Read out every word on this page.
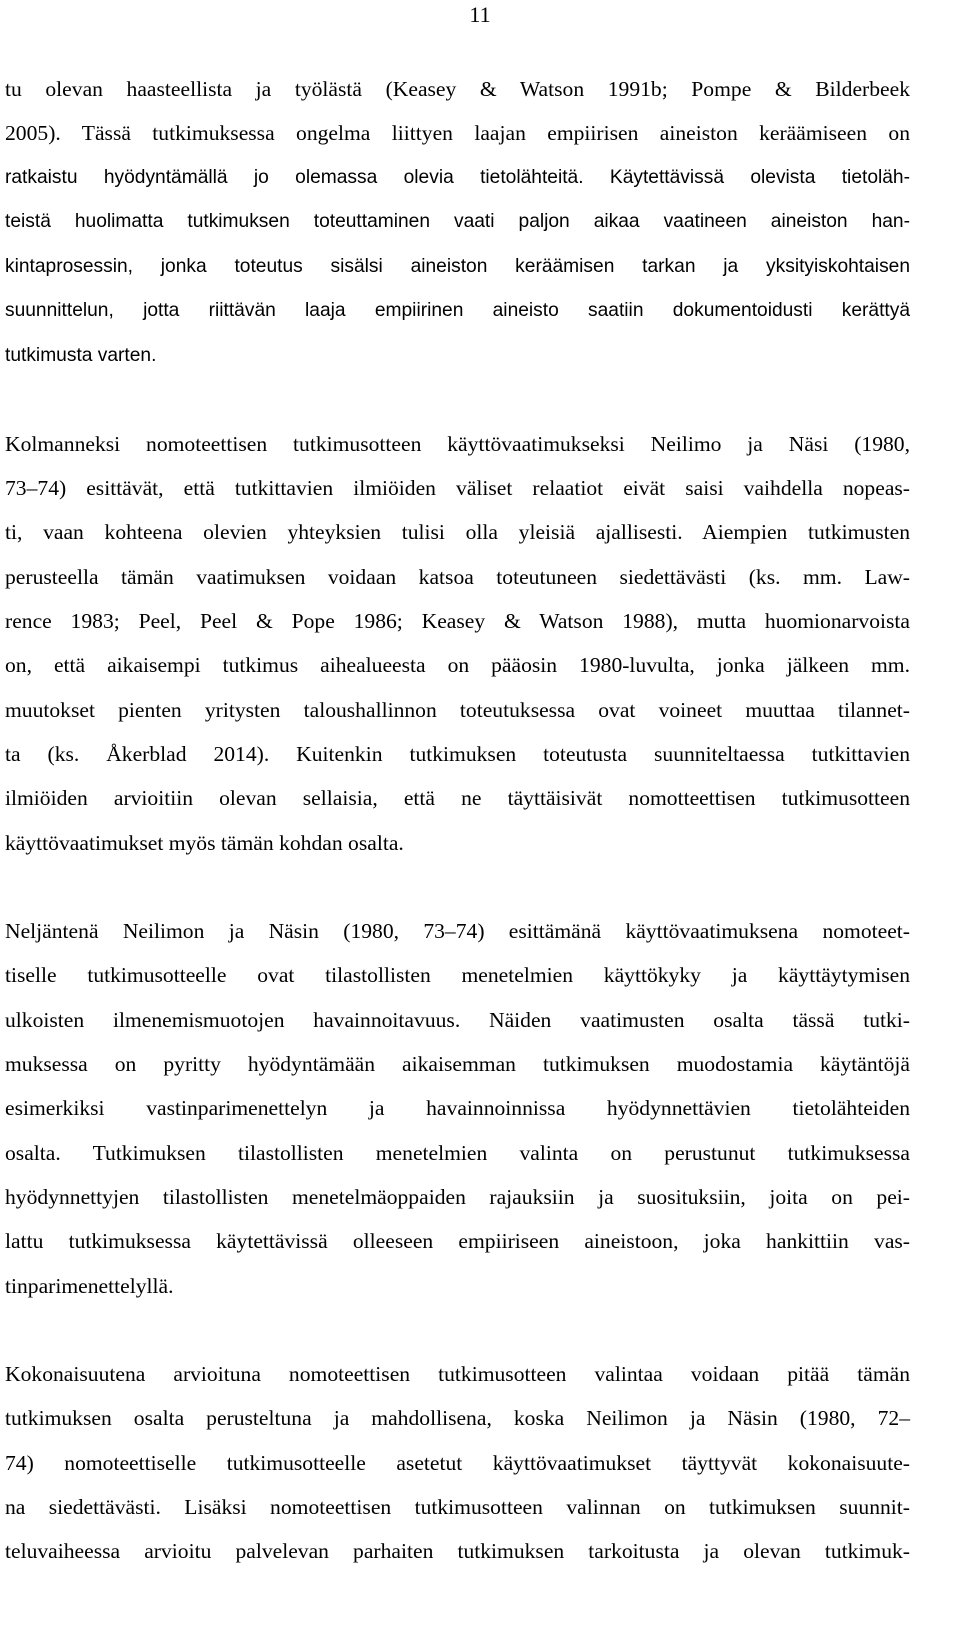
11
tu olevan haasteellista ja työlästä (Keasey & Watson 1991b; Pompe & Bilderbeek
2005). Tässä tutkimuksessa ongelma liittyen laajan empiirisen aineiston keräämiseen on
ratkaistu hyödyntämällä jo olemassa olevia tietolähteitä. Käytettävissä olevista tietoläh-
teistä huolimatta tutkimuksen toteuttaminen vaati paljon aikaa vaatineen aineiston han-
kintaprosessin, jonka toteutus sisälsi aineiston keräämisen tarkan ja yksityiskohtaisen
suunnittelun, jotta riittävän laaja empiirinen aineisto saatiin dokumentoidusti kerättyä
tutkimusta varten.
Kolmanneksi nomoteettisen tutkimusotteen käyttövaatimukseksi Neilimo ja Näsi (1980,
73–74) esittävät, että tutkittavien ilmiöiden väliset relaatiot eivät saisi vaihdella nopeas-
ti, vaan kohteena olevien yhteyksien tulisi olla yleisiä ajallisesti. Aiempien tutkimusten
perusteella tämän vaatimuksen voidaan katsoa toteutuneen siedettävästi (ks. mm. Law-
rence 1983; Peel, Peel & Pope 1986; Keasey & Watson 1988), mutta huomionarvoista
on, että aikaisempi tutkimus aihealueesta on pääosin 1980-luvulta, jonka jälkeen mm.
muutokset pienten yritysten taloushallinnon toteutuksessa ovat voineet muuttaa tilannet-
ta (ks. Åkerblad 2014). Kuitenkin tutkimuksen toteutusta suunniteltaessa tutkittavien
ilmiöiden arvioitiin olevan sellaisia, että ne täyttäisivät nomotteettisen tutkimusotteen
käyttövaatimukset myös tämän kohdan osalta.
Neljäntenä Neilimon ja Näsin (1980, 73–74) esittämänä käyttövaatimuksena nomoteet-
tiselle tutkimusotteelle ovat tilastollisten menetelmien käyttökyky ja käyttäytymisen
ulkoisten ilmenemismuotojen havainnoitavuus. Näiden vaatimusten osalta tässä tutki-
muksessa on pyritty hyödyntämään aikaisemman tutkimuksen muodostamia käytäntöjä
esimerkiksi vastinparimenettelyn ja havainnoinnissa hyödynnettävien tietolähteiden
osalta. Tutkimuksen tilastollisten menetelmien valinta on perustunut tutkimuksessa
hyödynnettyjen tilastollisten menetelmäoppaiden rajauksiin ja suosituksiin, joita on pei-
lattu tutkimuksessa käytettävissä olleeseen empiiriseen aineistoon, joka hankittiin vas-
tinparimenettelyllä.
Kokonaisuutena arvioituna nomoteettisen tutkimusotteen valintaa voidaan pitää tämän
tutkimuksen osalta perusteltuna ja mahdollisena, koska Neilimon ja Näsin (1980, 72–
74) nomoteettiselle tutkimusotteelle asetetut käyttövaatimukset täyttyvät kokonaisuute-
na siedettävästi. Lisäksi nomoteettisen tutkimusotteen valinnan on tutkimuksen suunnit-
teluvaiheessa arvioitu palvelevan parhaiten tutkimuksen tarkoitusta ja olevan tutkimuk-
